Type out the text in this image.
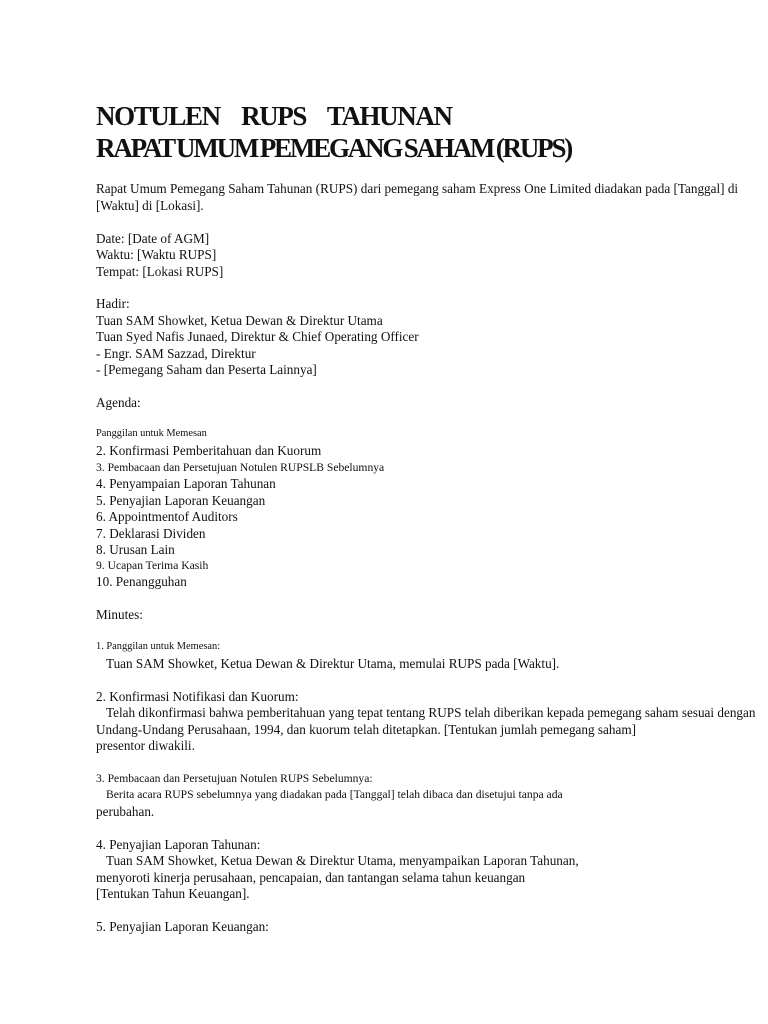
NOTULEN RUPS TAHUNAN
RAPAT UMUM PEMEGANG SAHAM (RUPS)
Rapat Umum Pemegang Saham Tahunan (RUPS) dari pemegang saham Express One Limited diadakan pada [Tanggal] di
[Waktu] di [Lokasi].
Date: [Date of AGM]
Waktu: [Waktu RUPS]
Tempat: [Lokasi RUPS]
Hadir:
Tuan SAM Showket, Ketua Dewan & Direktur Utama
Tuan Syed Nafis Junaed, Direktur & Chief Operating Officer
- Engr. SAM Sazzad, Direktur
- [Pemegang Saham dan Peserta Lainnya]
Agenda:
Panggilan untuk Memesan
2. Konfirmasi Pemberitahuan dan Kuorum
3. Pembacaan dan Persetujuan Notulen RUPSLB Sebelumnya
4. Penyampaian Laporan Tahunan
5. Penyajian Laporan Keuangan
6. Appointmentof Auditors
7. Deklarasi Dividen
8. Urusan Lain
9. Ucapan Terima Kasih
10. Penangguhan
Minutes:
1. Panggilan untuk Memesan:
Tuan SAM Showket, Ketua Dewan & Direktur Utama, memulai RUPS pada [Waktu].
2. Konfirmasi Notifikasi dan Kuorum:
Telah dikonfirmasi bahwa pemberitahuan yang tepat tentang RUPS telah diberikan kepada pemegang saham sesuai dengan
Undang-Undang Perusahaan, 1994, dan kuorum telah ditetapkan. [Tentukan jumlah pemegang saham]
presentor diwakili.
3. Pembacaan dan Persetujuan Notulen RUPS Sebelumnya:
Berita acara RUPS sebelumnya yang diadakan pada [Tanggal] telah dibaca dan disetujui tanpa ada
perubahan.
4. Penyajian Laporan Tahunan:
Tuan SAM Showket, Ketua Dewan & Direktur Utama, menyampaikan Laporan Tahunan,
menyoroti kinerja perusahaan, pencapaian, dan tantangan selama tahun keuangan
[Tentukan Tahun Keuangan].
5. Penyajian Laporan Keuangan:
